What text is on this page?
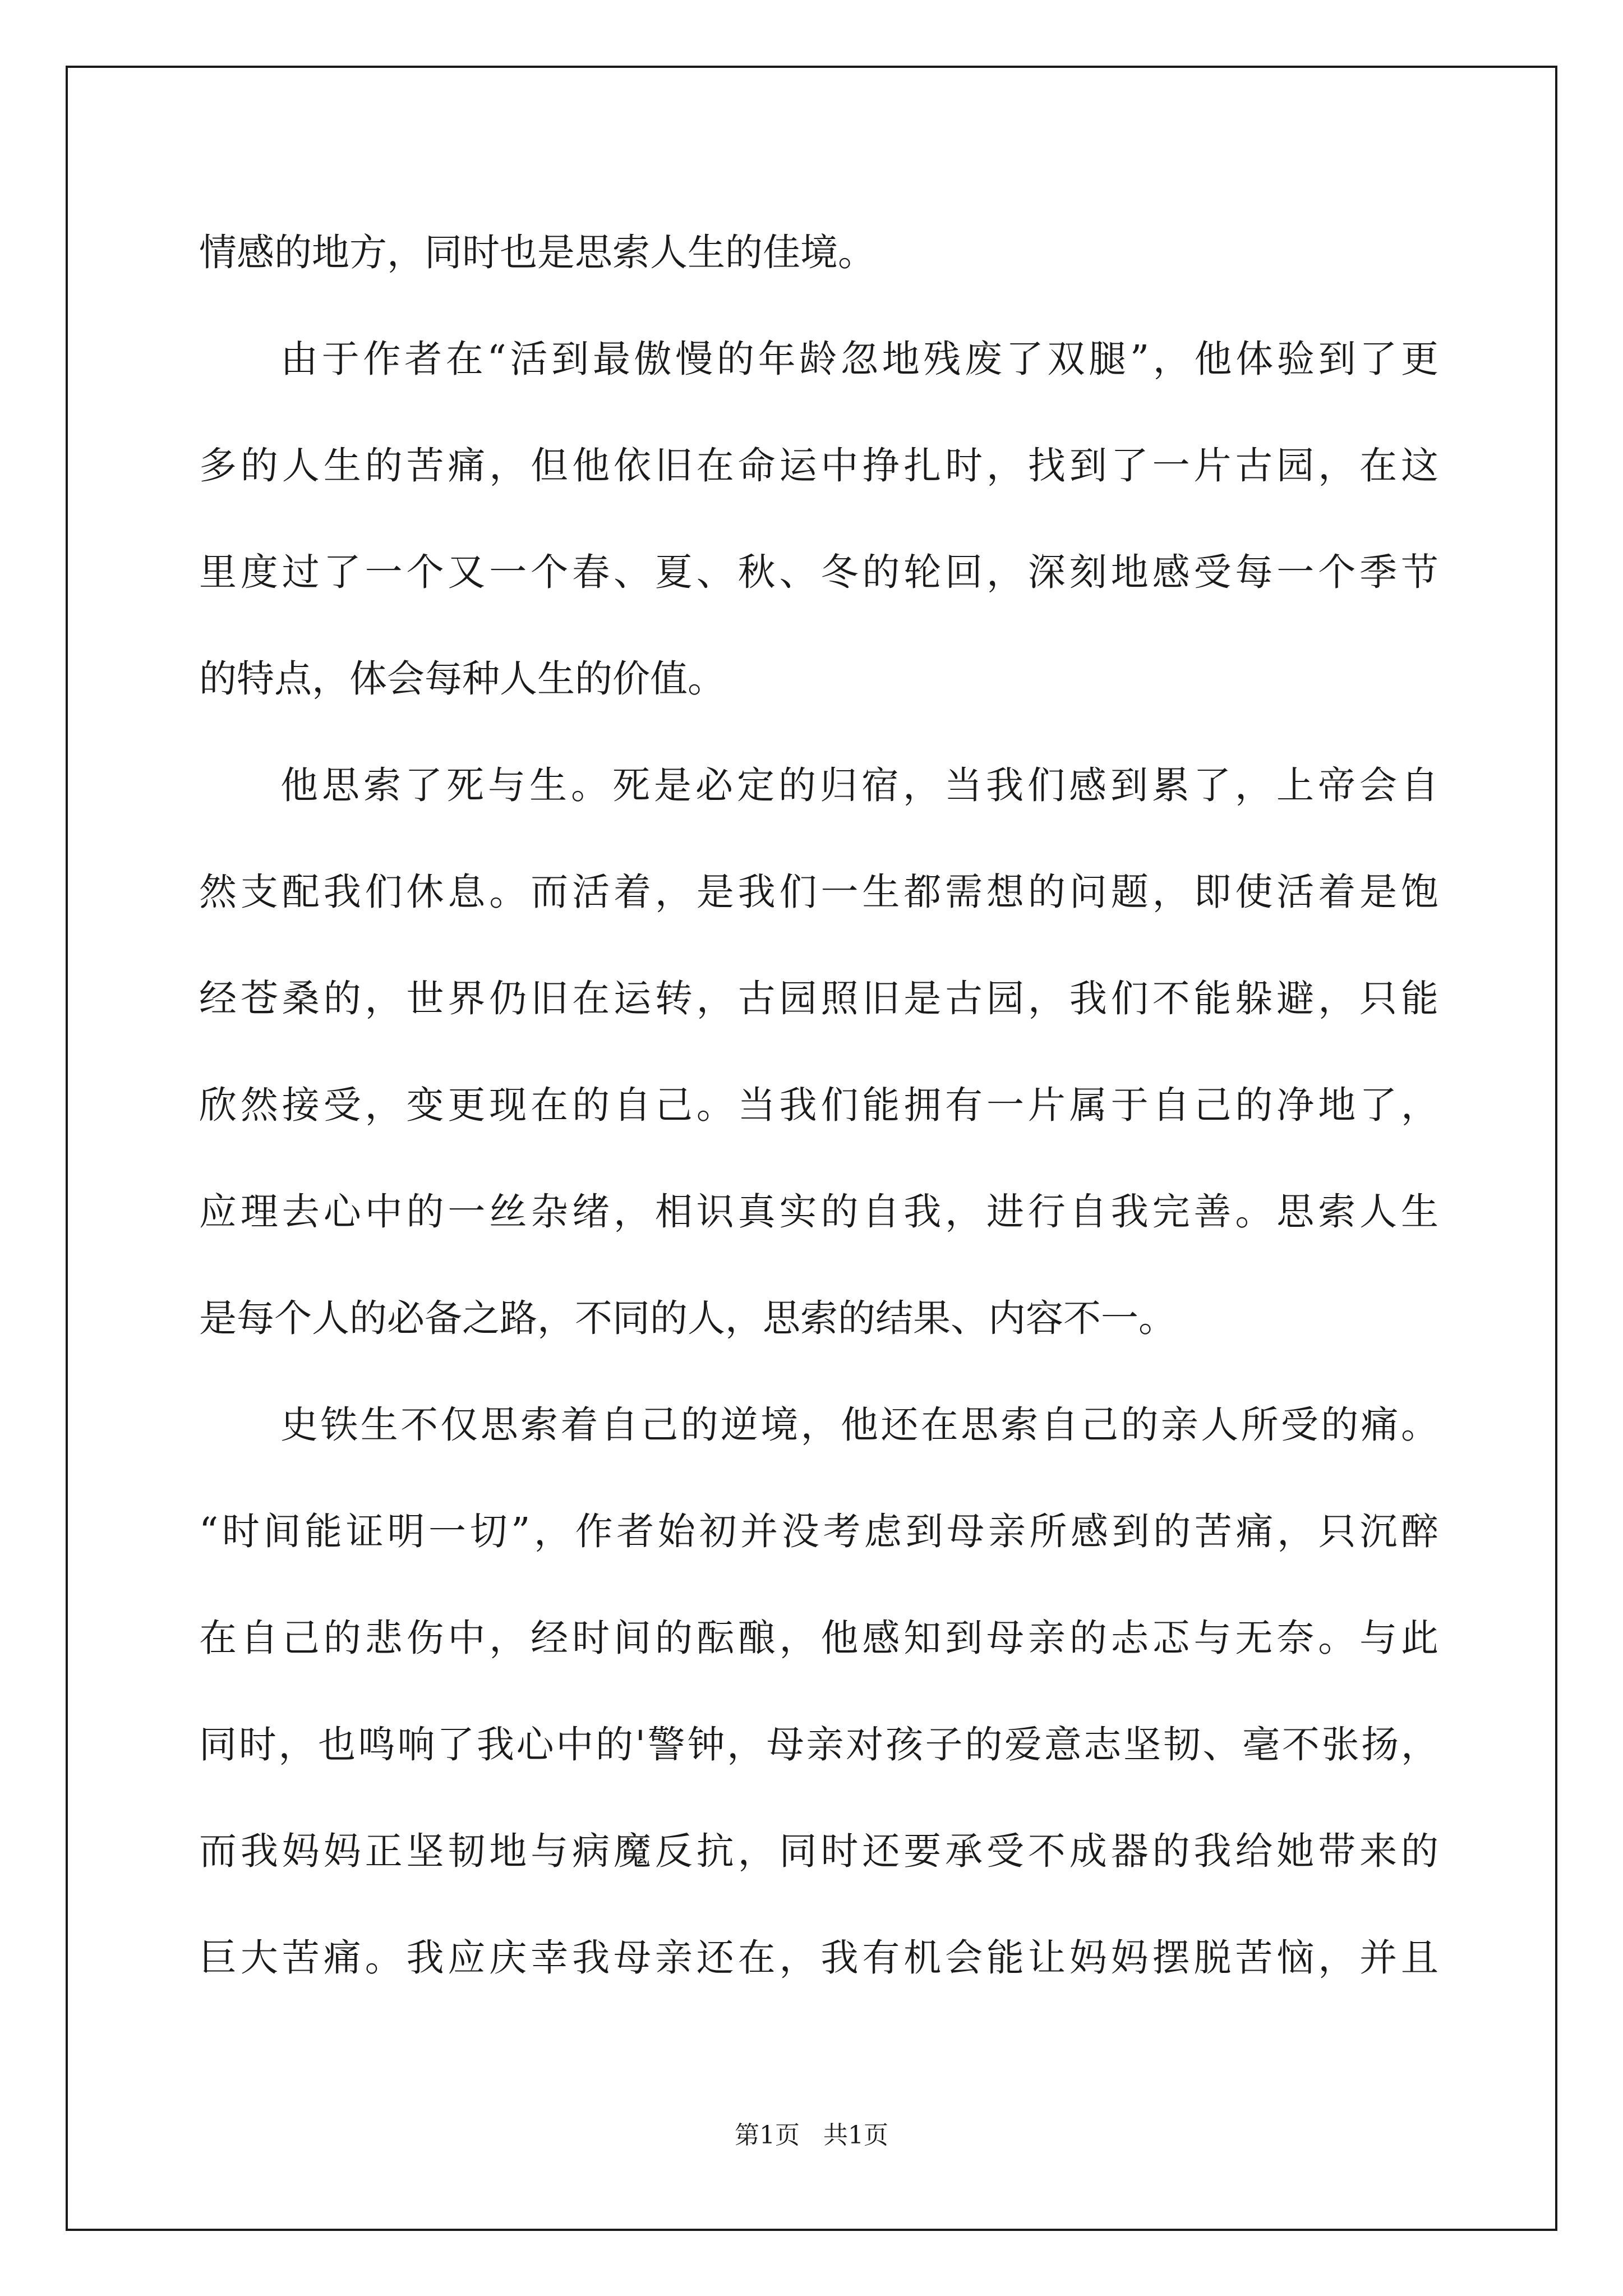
情感的地方，同时也是思索人生的佳境。
由于作者在“活到最傲慢的年龄忽地残废了双腿”，他体验到了更
多的人生的苦痛，但他依旧在命运中挣扎时，找到了一片古园，在这
里度过了一个又一个春、夏、秋、冬的轮回，深刻地感受每一个季节
的特点，体会每种人生的价值。
他思索了死与生。死是必定的归宿，当我们感到累了，上帝会自
然支配我们休息。而活着，是我们一生都需想的问题，即使活着是饱
经苍桑的，世界仍旧在运转，古园照旧是古园，我们不能躲避，只能
欣然接受，变更现在的自己。当我们能拥有一片属于自己的净地了，
应理去心中的一丝杂绪，相识真实的自我，进行自我完善。思索人生
是每个人的必备之路，不同的人，思索的结果、内容不一。
史铁生不仅思索着自己的逆境，他还在思索自己的亲人所受的痛。
“时间能证明一切”，作者始初并没考虑到母亲所感到的苦痛，只沉醉
在自己的悲伤中，经时间的酝酿，他感知到母亲的忐忑与无奈。与此
同时，也鸣响了我心中的'警钟，母亲对孩子的爱意志坚韧、毫不张扬，
而我妈妈正坚韧地与病魔反抗，同时还要承受不成器的我给她带来的
巨大苦痛。我应庆幸我母亲还在，我有机会能让妈妈摆脱苦恼，并且
第1页   共1页
